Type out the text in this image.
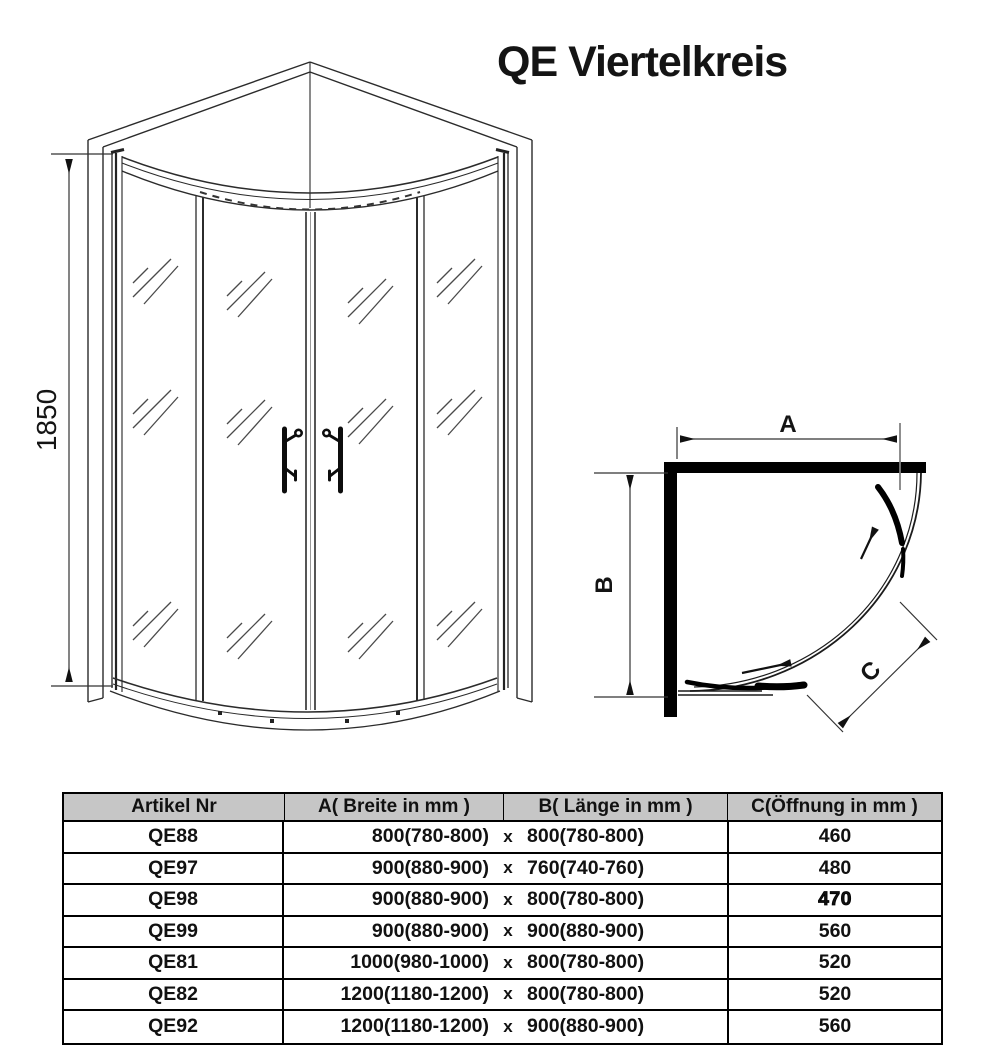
QE Viertelkreis
1850	A
B
C
Artikel Nr	A( Breite in mm )	B( Länge in mm )	C(Öffnung in mm )
QE88	800(780-800) x 800(780-800)	460
QE97	900(880-900) x 760(740-760)	480
QE98	900(880-900) x 800(780-800)	470
QE99	900(880-900) x 900(880-900)	560
QE81	1000(980-1000) x 800(780-800)	520
QE82	1200(1180-1200) x 800(780-800)	520
QE92	1200(1180-1200) x 900(880-900)	560
